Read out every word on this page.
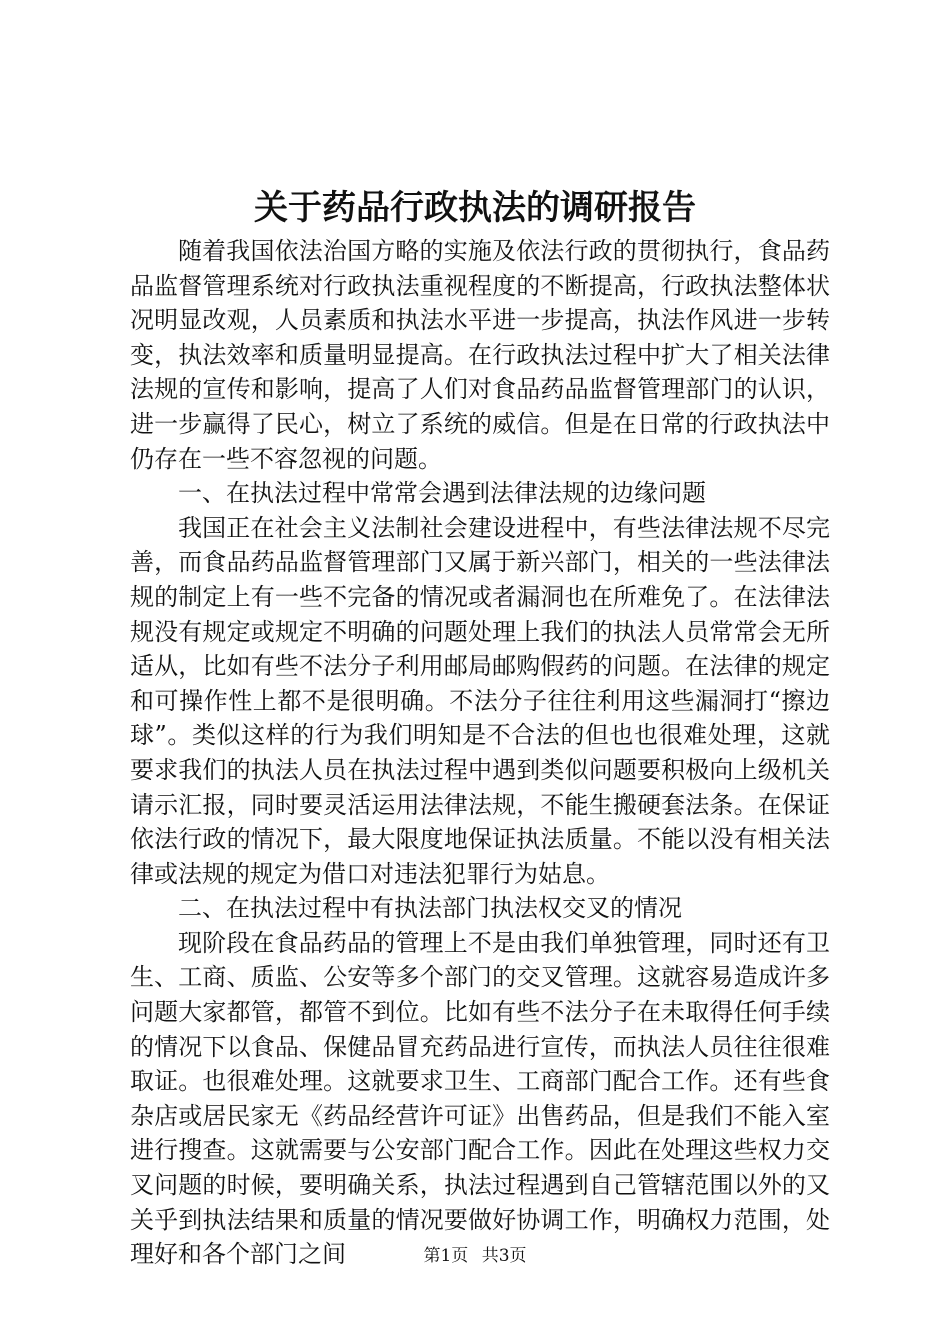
关于药品行政执法的调研报告

随着我国依法治国方略的实施及依法行政的贯彻执行，食品药品监督管理系统对行政执法重视程度的不断提高，行政执法整体状况明显改观，人员素质和执法水平进一步提高，执法作风进一步转变，执法效率和质量明显提高。在行政执法过程中扩大了相关法律法规的宣传和影响，提高了人们对食品药品监督管理部门的认识，进一步赢得了民心，树立了系统的威信。但是在日常的行政执法中仍存在一些不容忽视的问题。

一、在执法过程中常常会遇到法律法规的边缘问题

我国正在社会主义法制社会建设进程中，有些法律法规不尽完善，而食品药品监督管理部门又属于新兴部门，相关的一些法律法规的制定上有一些不完备的情况或者漏洞也在所难免了。在法律法规没有规定或规定不明确的问题处理上我们的执法人员常常会无所适从，比如有些不法分子利用邮局邮购假药的问题。在法律的规定和可操作性上都不是很明确。不法分子往往利用这些漏洞打“擦边球”。类似这样的行为我们明知是不合法的但也也很难处理，这就要求我们的执法人员在执法过程中遇到类似问题要积极向上级机关请示汇报，同时要灵活运用法律法规，不能生搬硬套法条。在保证依法行政的情况下，最大限度地保证执法质量。不能以没有相关法律或法规的规定为借口对违法犯罪行为姑息。

二、在执法过程中有执法部门执法权交叉的情况

现阶段在食品药品的管理上不是由我们单独管理，同时还有卫生、工商、质监、公安等多个部门的交叉管理。这就容易造成许多问题大家都管，都管不到位。比如有些不法分子在未取得任何手续的情况下以食品、保健品冒充药品进行宣传，而执法人员往往很难取证。也很难处理。这就要求卫生、工商部门配合工作。还有些食杂店或居民家无《药品经营许可证》出售药品，但是我们不能入室进行搜查。这就需要与公安部门配合工作。因此在处理这些权力交叉问题的时候，要明确关系，执法过程遇到自己管辖范围以外的又关乎到执法结果和质量的情况要做好协调工作，明确权力范围，处理好和各个部门之间	第1页 共3页
